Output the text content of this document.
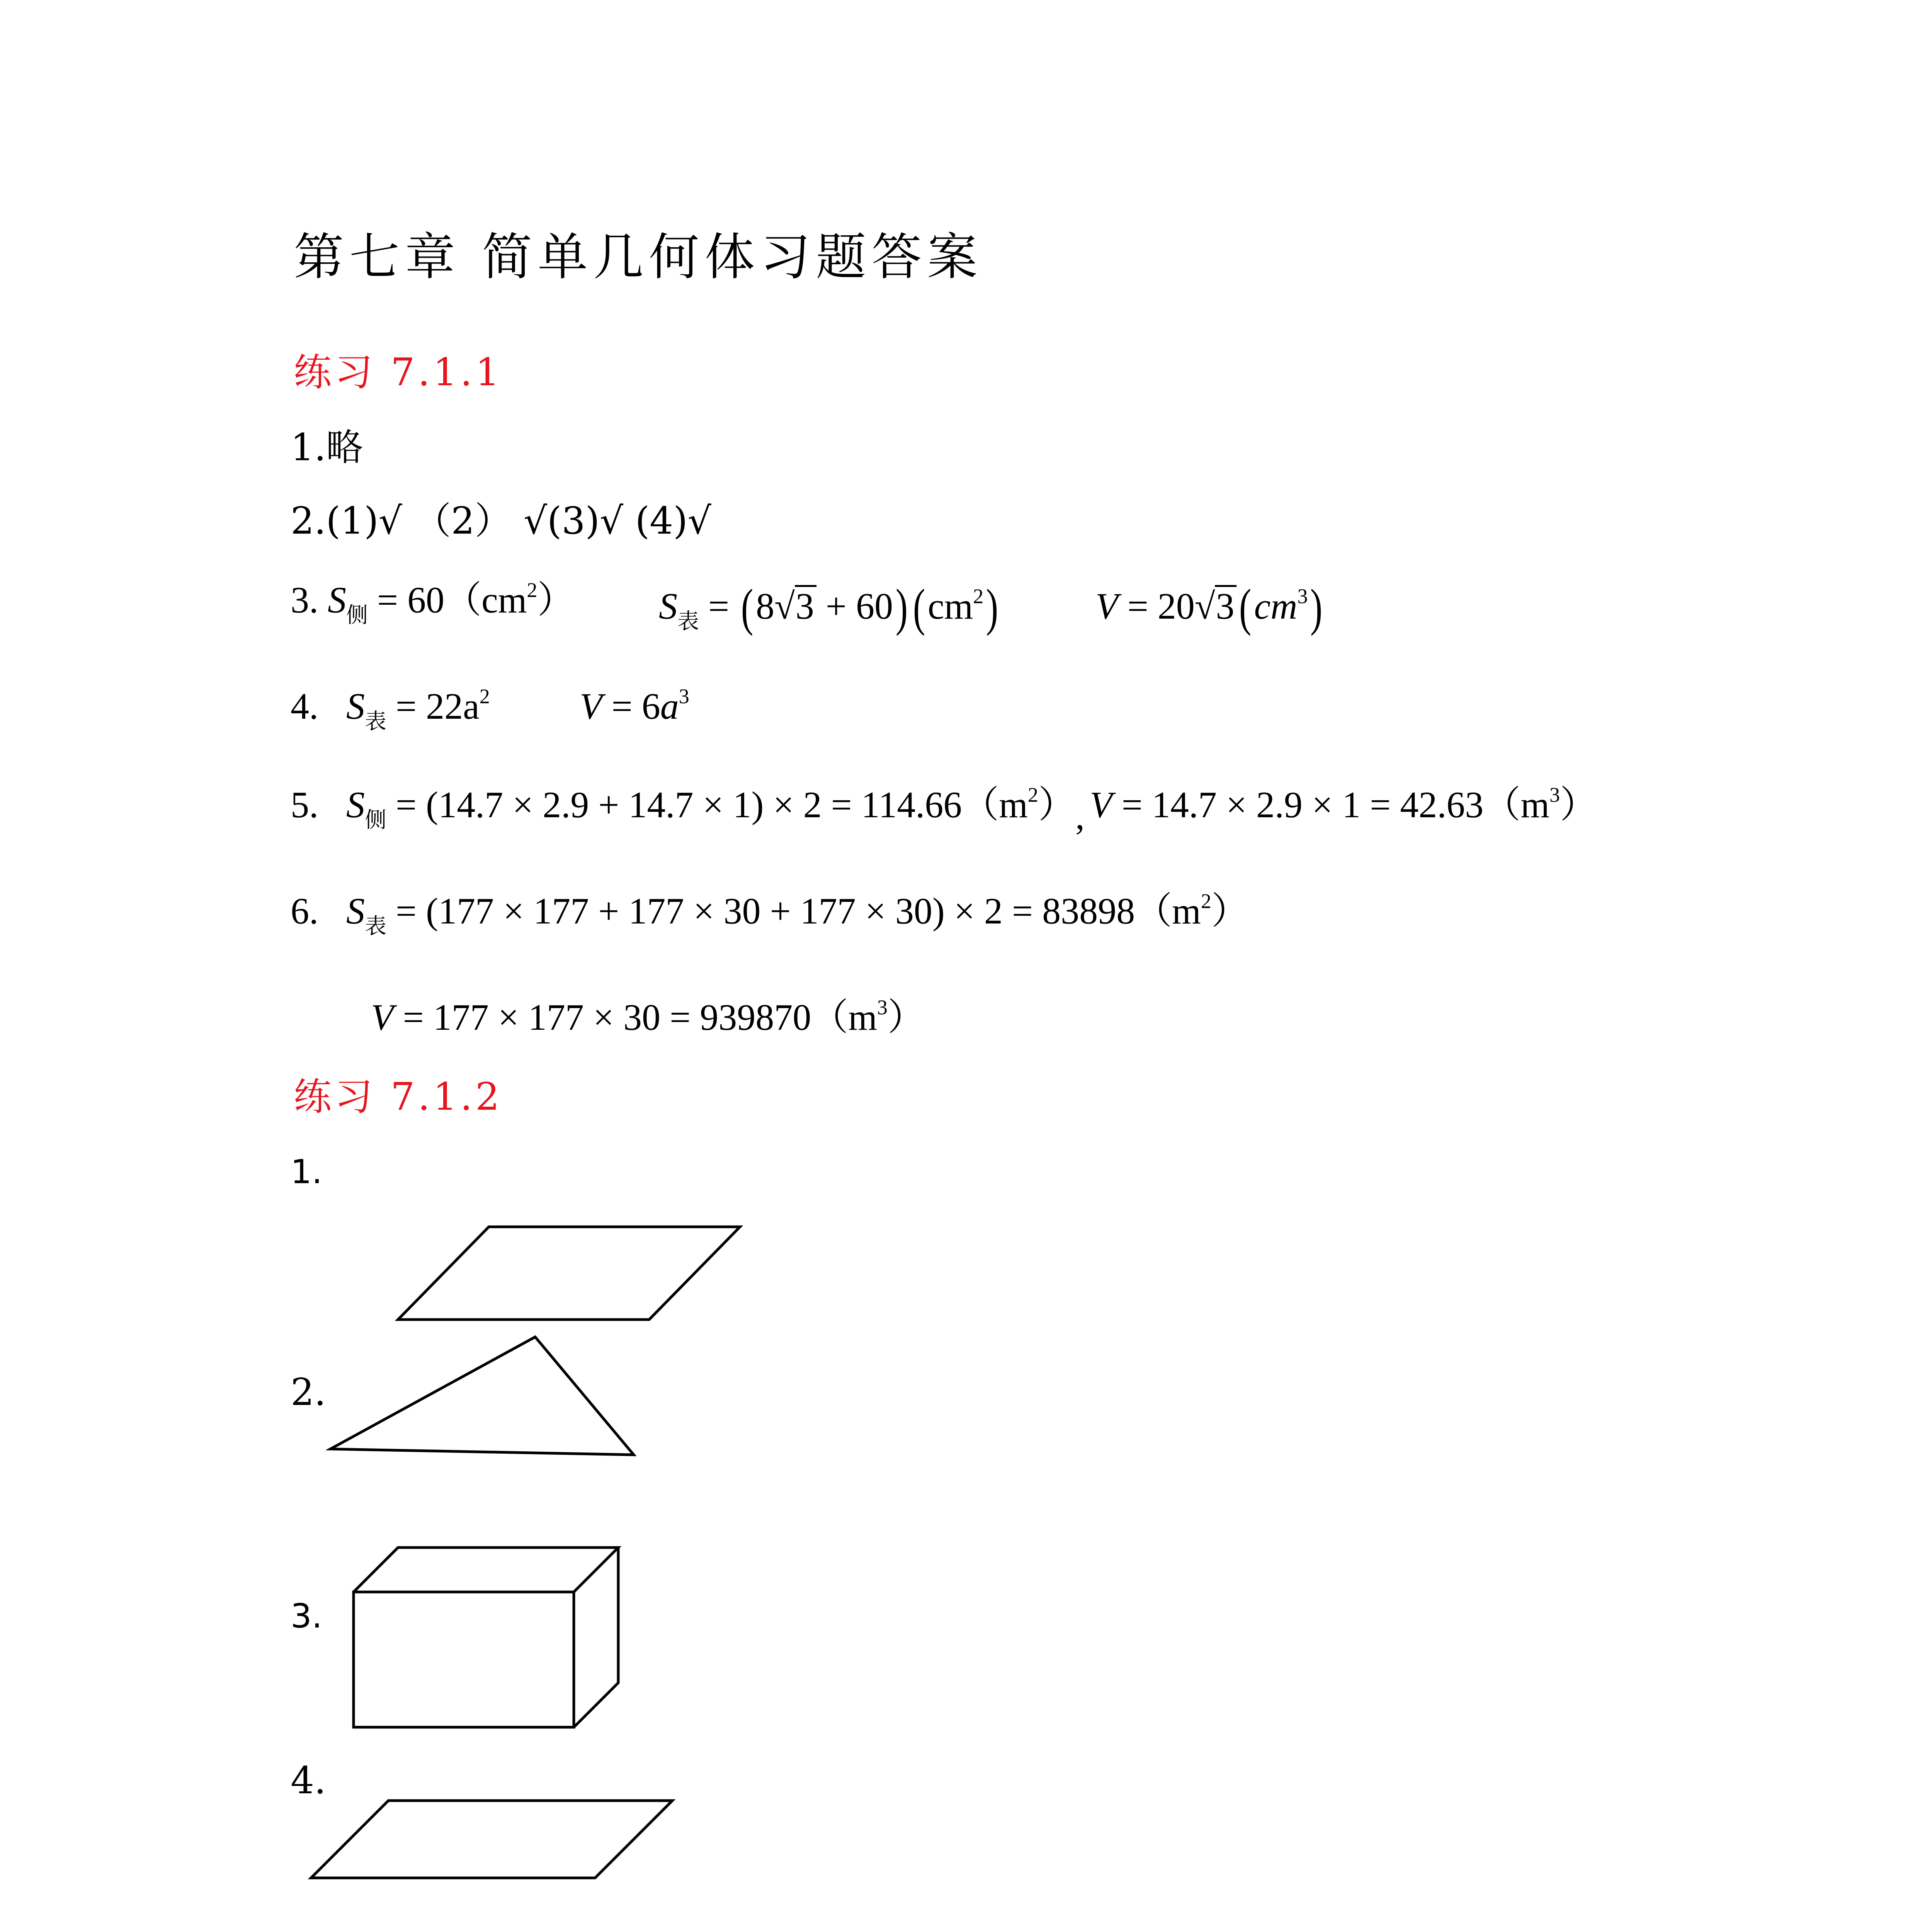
第七章 简单几何体习题答案
练习 7.1.1
1.略
2.(1)√ （2） √(3)√ (4)√
3. $S_侧 = 60(cm^2) S_表 = (8√3 + 60)(cm^2)$	$V = 20√3(cm^3)$
4. $S_表 = 22a^2$ $V = 6a^3$
5. $S_侧 = (14.7 \times 2.9 + 14.7 \times 1) \times 2 = 114.66(m^2)$, $V = 14.7 \times 2.9 \times 1 = 42.63(m^3)$
6. $S_表 = (177 \times 177 + 177 \times 30 + 177 \times 30) \times 2 = 83898(m^2)$
$V = 177 \times 177 \times 30 = 939870(m^3)$
练习 7.1.2
1.
2.
3.
4.
